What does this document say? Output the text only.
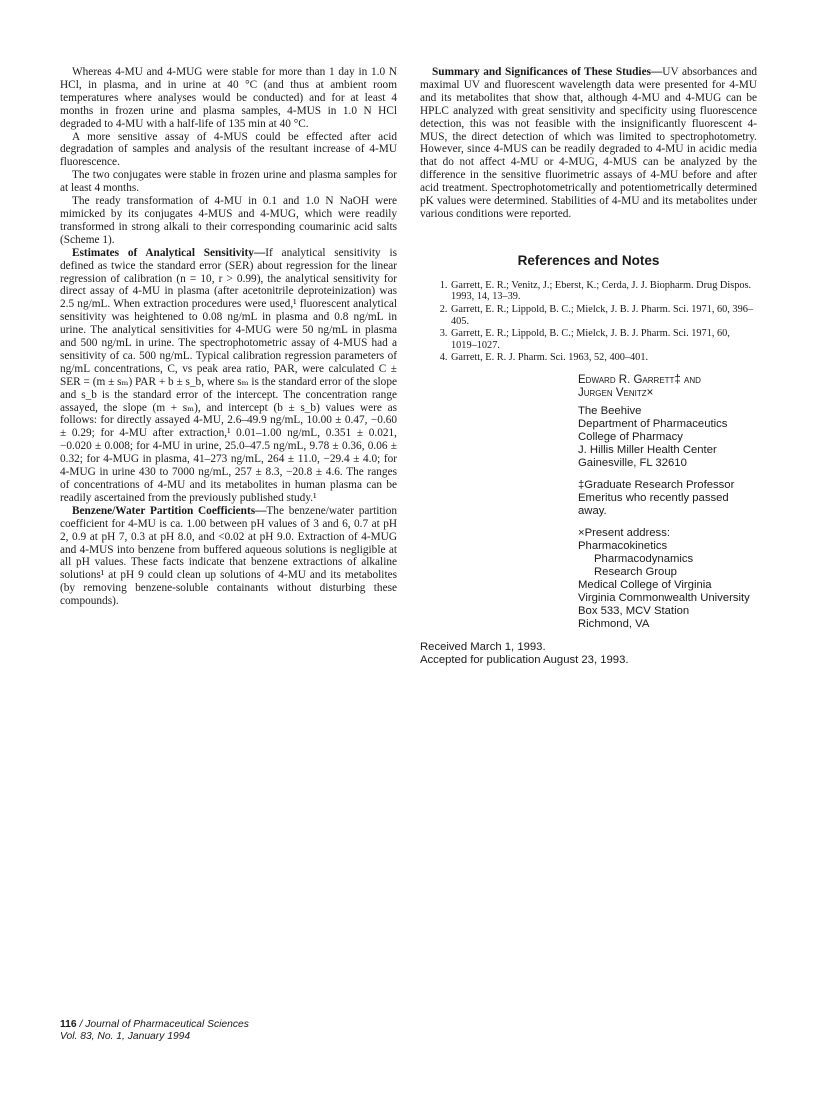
Whereas 4-MU and 4-MUG were stable for more than 1 day in 1.0 N HCl, in plasma, and in urine at 40 °C (and thus at ambient room temperatures where analyses would be conducted) and for at least 4 months in frozen urine and plasma samples, 4-MUS in 1.0 N HCl degraded to 4-MU with a half-life of 135 min at 40 °C.

A more sensitive assay of 4-MUS could be effected after acid degradation of samples and analysis of the resultant increase of 4-MU fluorescence.

The two conjugates were stable in frozen urine and plasma samples for at least 4 months.

The ready transformation of 4-MU in 0.1 and 1.0 N NaOH were mimicked by its conjugates 4-MUS and 4-MUG, which were readily transformed in strong alkali to their corresponding coumarinic acid salts (Scheme 1).

Estimates of Analytical Sensitivity—If analytical sensitivity is defined as twice the standard error (SER) about regression for the linear regression of calibration (n = 10, r > 0.99), the analytical sensitivity for direct assay of 4-MU in plasma (after acetonitrile deproteinization) was 2.5 ng/mL. When extraction procedures were used,¹ fluorescent analytical sensitivity was heightened to 0.08 ng/mL in plasma and 0.8 ng/mL in urine. The analytical sensitivities for 4-MUG were 50 ng/mL in plasma and 500 ng/mL in urine. The spectrophotometric assay of 4-MUS had a sensitivity of ca. 500 ng/mL. Typical calibration regression parameters of ng/mL concentrations, C, vs peak area ratio, PAR, were calculated C ± SER = (m ± sₘ) PAR + b ± s_b, where sₘ is the standard error of the slope and s_b is the standard error of the intercept. The concentration range assayed, the slope (m + sₘ), and intercept (b ± s_b) values were as follows: for directly assayed 4-MU, 2.6–49.9 ng/mL, 10.00 ± 0.47, −0.60 ± 0.29; for 4-MU after extraction,¹ 0.01–1.00 ng/mL, 0.351 ± 0.021, −0.020 ± 0.008; for 4-MU in urine, 25.0–47.5 ng/mL, 9.78 ± 0.36, 0.06 ± 0.32; for 4-MUG in plasma, 41–273 ng/mL, 264 ± 11.0, −29.4 ± 4.0; for 4-MUG in urine 430 to 7000 ng/mL, 257 ± 8.3, −20.8 ± 4.6. The ranges of concentrations of 4-MU and its metabolites in human plasma can be readily ascertained from the previously published study.¹

Benzene/Water Partition Coefficients—The benzene/water partition coefficient for 4-MU is ca. 1.00 between pH values of 3 and 6, 0.7 at pH 2, 0.9 at pH 7, 0.3 at pH 8.0, and <0.02 at pH 9.0. Extraction of 4-MUG and 4-MUS into benzene from buffered aqueous solutions is negligible at all pH values. These facts indicate that benzene extractions of alkaline solutions¹ at pH 9 could clean up solutions of 4-MU and its metabolites (by removing benzene-soluble containants without disturbing these compounds).

Summary and Significances of These Studies—UV absorbances and maximal UV and fluorescent wavelength data were presented for 4-MU and its metabolites that show that, although 4-MU and 4-MUG can be HPLC analyzed with great sensitivity and specificity using fluorescence detection, this was not feasible with the insignificantly fluorescent 4-MUS, the direct detection of which was limited to spectrophotometry. However, since 4-MUS can be readily degraded to 4-MU in acidic media that do not affect 4-MU or 4-MUG, 4-MUS can be analyzed by the difference in the sensitive fluorimetric assays of 4-MU before and after acid treatment. Spectrophotometrically and potentiometrically determined pK values were determined. Stabilities of 4-MU and its metabolites under various conditions were reported.

References and Notes
1. Garrett, E. R.; Venitz, J.; Eberst, K.; Cerda, J. J. Biopharm. Drug Dispos. 1993, 14, 13–39.
2. Garrett, E. R.; Lippold, B. C.; Mielck, J. B. J. Pharm. Sci. 1971, 60, 396–405.
3. Garrett, E. R.; Lippold, B. C.; Mielck, J. B. J. Pharm. Sci. 1971, 60, 1019–1027.
4. Garrett, E. R. J. Pharm. Sci. 1963, 52, 400–401.
Edward R. Garrett‡ and
Jurgen Venitz×
The Beehive
Department of Pharmaceutics
College of Pharmacy
J. Hillis Miller Health Center
Gainesville, FL 32610
‡Graduate Research Professor
Emeritus who recently passed
away.
×Present address:
Pharmacokinetics
Pharmacodynamics
Research Group
Medical College of Virginia
Virginia Commonwealth University
Box 533, MCV Station
Richmond, VA
Received March 1, 1993.
Accepted for publication August 23, 1993.
116 / Journal of Pharmaceutical Sciences
Vol. 83, No. 1, January 1994
